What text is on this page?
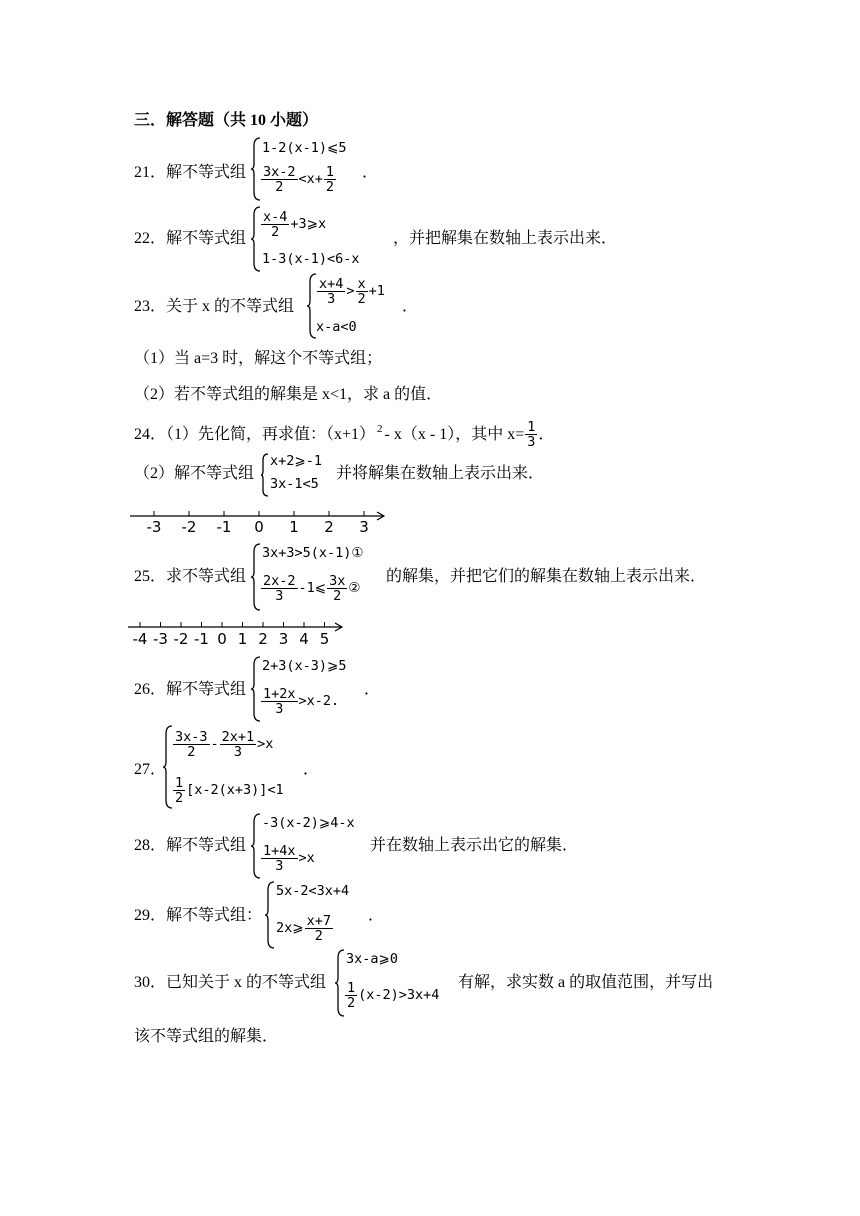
三．解答题（共 10 小题）
21．解不等式组
1-2(x-1)⩽5
$\frac{3x-2}{2} <x+ \frac{1}{2}$ ．
22．解不等式组 $\frac{x-4}{2}$ +3⩾x
1-3(x-1)<6-x
，并把解集在数轴上表示出来．
23．关于 x 的不等式组
$\frac{x+4}{3} > \frac{x}{2} +1$
x-a<0
．
（1）当 a=3 时，解这个不等式组；
（2）若不等式组的解集是 x<1，求 a 的值．
24．（1）先化简，再求值：（x+1） 2 - x（x - 1），其中 $x= \frac{1}{3}$ ．
（2）解不等式组
x+2⩾-1
3x-1<5
并将解集在数轴上表示出来．
-3 -2 -1 0 1 2 3
25．求不等式组
3x+3>5(x-1)①
$\frac{2x-2}{3}$ -1⩽ $\frac{3x}{2}$ ②
的解集，并把它们的解集在数轴上表示出来．
-4 -3 -2 -1 0 1 2 3 4 5
26．解不等式组
2+3(x-3)⩾5
$\frac{1+2x}{3} >x-2$.
．
27．
$\frac{3x-3}{2} - \frac{2x+1}{3} >x$
$\frac{1}{2} [x-2(x+3)]<1$
．
28．解不等式组
-3(x-2)⩾4-x
$\frac{1+4x}{3} >x$
并在数轴上表示出它的解集．
29．解不等式组：
5x-2<3x+4
2x⩾ $\frac{x+7}{2}$ ．
30．已知关于 x 的不等式组
3x-a⩾0
$\frac{1}{2} (x-2)>3x+4$
有解，求实数 a 的取值范围，并写出
该不等式组的解集．
